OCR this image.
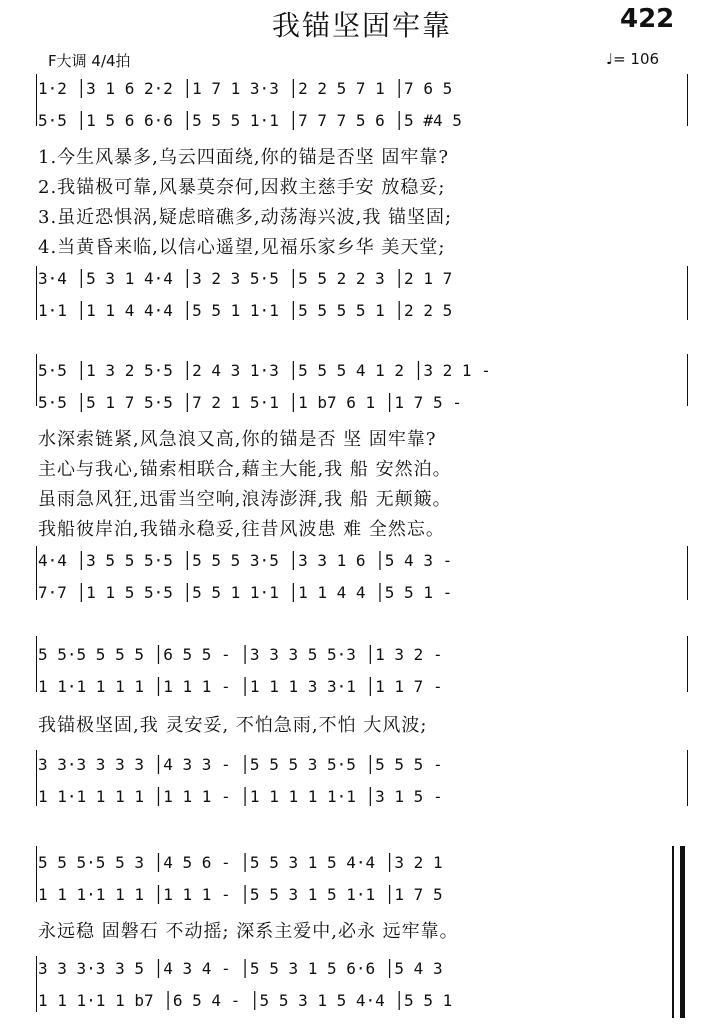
我锚坚固牢靠	422
F大调 4/4拍	♩= 106
1·2 │3 1 6 2·2 │1 7 1 3·3 │2 2 5 7 1 │7 6 5
5·5 │1 5 6 6·6 │5 5 5 1·1 │7 7 7 5 6 │5 #4 5
1.今生风暴多,乌云四面绕,你的锚是否坚 固牢靠?
2.我锚极可靠,风暴莫奈何,因救主慈手安 放稳妥;
3.虽近恐惧涡,疑虑暗礁多,动荡海兴波,我 锚坚固;
4.当黄昏来临,以信心遥望,见福乐家乡华 美天堂;
3·4 │5 3 1 4·4 │3 2 3 5·5 │5 5 2 2 3 │2 1 7
1·1 │1 1 4 4·4 │5 5 1 1·1 │5 5 5 5 1 │2 2 5
5·5 │1 3 2 5·5 │2 4 3 1·3 │5 5 5 4 1 2 │3 2 1 -
5·5 │5 1 7 5·5 │7 2 1 5·1 │1 b7 6 1 │1 7 5 -
水深索链紧,风急浪又高,你的锚是否 坚 固牢靠?
主心与我心,锚索相联合,藉主大能,我 船 安然泊。
虽雨急风狂,迅雷当空响,浪涛澎湃,我 船 无颠簸。
我船彼岸泊,我锚永稳妥,往昔风波患 难 全然忘。
4·4 │3 5 5 5·5 │5 5 5 3·5 │3 3 1 6 │5 4 3 -
7·7 │1 1 5 5·5 │5 5 1 1·1 │1 1 4 4 │5 5 1 -
5 5·5 5 5 5 │6 5 5 - │3 3 3 5 5·3 │1 3 2 -
1 1·1 1 1 1 │1 1 1 - │1 1 1 3 3·1 │1 1 7 -
我锚极坚固,我 灵安妥, 不怕急雨,不怕 大风波;
3 3·3 3 3 3 │4 3 3 - │5 5 5 3 5·5 │5 5 5 -
1 1·1 1 1 1 │1 1 1 - │1 1 1 1 1·1 │3 1 5 -
5 5 5·5 5 3 │4 5 6 - │5 5 3 1 5 4·4 │3 2 1
1 1 1·1 1 1 │1 1 1 - │5 5 3 1 5 1·1 │1 7 5
永远稳 固磐石 不动摇; 深系主爱中,必永 远牢靠。
3 3 3·3 3 5 │4 3 4 - │5 5 3 1 5 6·6 │5 4 3
1 1 1·1 1 b7 │6 5 4 - │5 5 3 1 5 4·4 │5 5 1
